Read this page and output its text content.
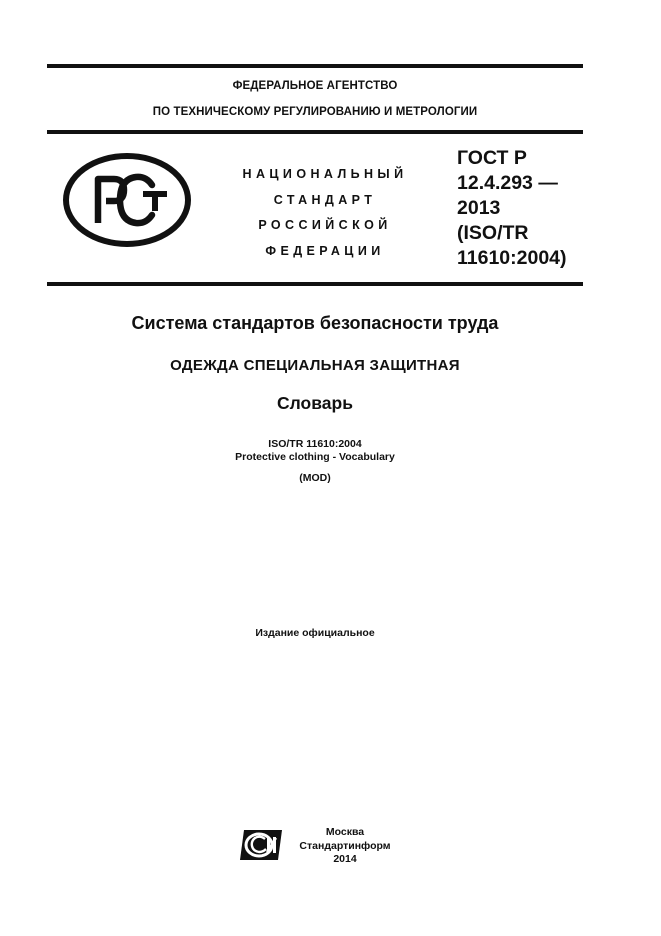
ФЕДЕРАЛЬНОЕ АГЕНТСТВО
ПО ТЕХНИЧЕСКОМУ РЕГУЛИРОВАНИЮ И МЕТРОЛОГИИ
НАЦИОНАЛЬНЫЙ
СТАНДАРТ
РОССИЙСКОЙ
ФЕДЕРАЦИИ
ГОСТ Р
12.4.293 —
2013
(ISO/TR
11610:2004)
Система стандартов безопасности труда
ОДЕЖДА СПЕЦИАЛЬНАЯ ЗАЩИТНАЯ
Словарь
ISO/TR 11610:2004
Protective clothing - Vocabulary
(MOD)
Издание официальное
Москва
Стандартинформ
2014
